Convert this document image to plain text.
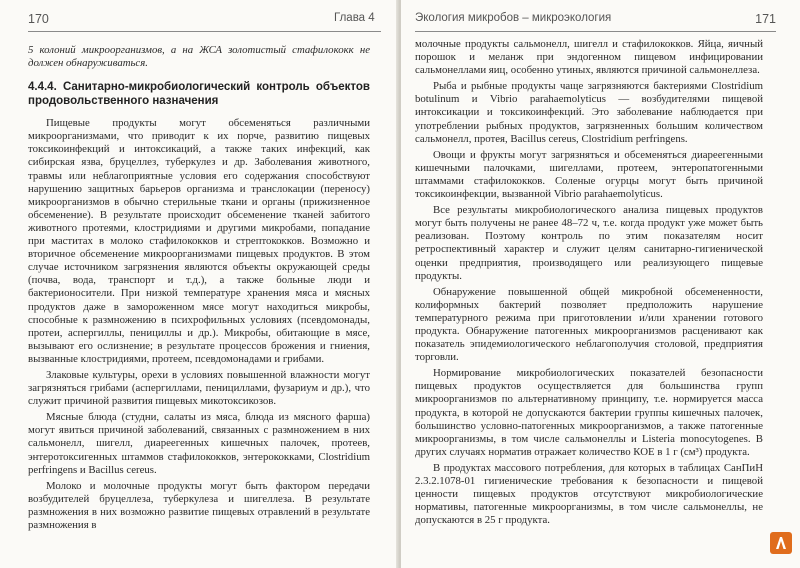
170	Глава 4

5 колоний микроорганизмов, а на ЖСА золотистый стафилококк не должен обнаруживаться.

4.4.4. Санитарно-микробиологический контроль объектов продовольственного назначения

Пищевые продукты могут обсеменяться различными микроорганизмами, что приводит к их порче, развитию пищевых токсикоинфекций и интоксикаций, а также таких инфекций, как сибирская язва, бруцеллез, туберкулез и др. Заболевания животного, травмы или неблагоприятные условия его содержания способствуют нарушению защитных барьеров организма и транслокации (переносу) микроорганизмов в обычно стерильные ткани и органы (прижизненное обсеменение). В результате происходит обсеменение тканей забитого животного протеями, клостридиями и другими микробами, попадание при маститах в молоко стафилококков и стрептококков. Возможно и вторичное обсеменение микроорганизмами пищевых продуктов. В этом случае источником загрязнения являются объекты окружающей среды (почва, вода, транспорт и т.д.), а также больные люди и бактерионосители. При низкой температуре хранения мяса и мясных продуктов даже в замороженном мясе могут находиться микробы, способные к размножению в психрофильных условиях (псевдомонады, протеи, аспергиллы, пенициллы и др.). Микробы, обитающие в мясе, вызывают его ослизнение; в результате процессов брожения и гниения, вызванные клостридиями, протеем, псевдомонадами и грибами.

Злаковые культуры, орехи в условиях повышенной влажности могут загрязняться грибами (аспергиллами, пенициллами, фузариум и др.), что служит причиной развития пищевых микотоксикозов.

Мясные блюда (студни, салаты из мяса, блюда из мясного фарша) могут явиться причиной заболеваний, связанных с размножением в них сальмонелл, шигелл, диареегенных кишечных палочек, протеев, энтеротоксигенных штаммов стафилококков, энтерококками, Clostridium perfringens и Bacillus cereus.

Молоко и молочные продукты могут быть фактором передачи возбудителей бруцеллеза, туберкулеза и шигеллеза. В результате размножения в них возможно развитие пищевых отравлений в результате размножения в

Экология микробов – микроэкология	171

молочные продукты сальмонелл, шигелл и стафилококков. Яйца, яичный порошок и меланж при эндогенном пищевом инфицировании сальмонеллами яиц, особенно утиных, являются причиной сальмонеллеза.

Рыба и рыбные продукты чаще загрязняются бактериями Clostridium botulinum и Vibrio parahaemolyticus — возбудителями пищевой интоксикации и токсикоинфекций. Это заболевание наблюдается при употреблении рыбных продуктов, загрязненных большим количеством сальмонелл, протея, Bacillus cereus, Clostridium perfringens.

Овощи и фрукты могут загрязняться и обсеменяться диареегенными кишечными палочками, шигеллами, протеем, энтеропатогенными штаммами стафилококков. Соленые огурцы могут быть причиной токсикоинфекции, вызванной Vibrio parahaemolyticus.

Все результаты микробиологического анализа пищевых продуктов могут быть получены не ранее 48–72 ч, т.е. когда продукт уже может быть реализован. Поэтому контроль по этим показателям носит ретроспективный характер и служит целям санитарно-гигиенической оценки предприятия, производящего или реализующего пищевые продукты.

Обнаружение повышенной общей микробной обсемененности, колиформных бактерий позволяет предположить нарушение температурного режима при приготовлении и/или хранении готового продукта. Обнаружение патогенных микроорганизмов расценивают как показатель эпидемиологического неблагополучия столовой, предприятия торговли.

Нормирование микробиологических показателей безопасности пищевых продуктов осуществляется для большинства групп микроорганизмов по альтернативному принципу, т.е. нормируется масса продукта, в которой не допускаются бактерии группы кишечных палочек, большинство условно-патогенных микроорганизмов, а также патогенные микроорганизмы, в том числе сальмонеллы и Listeria monocytogenes. В других случаях норматив отражает количество КОЕ в 1 г (см³) продукта.

В продуктах массового потребления, для которых в таблицах СанПиН 2.3.2.1078-01 гигиенические требования к безопасности и пищевой ценности пищевых продуктов отсутствуют микробиологические нормативы, патогенные микроорганизмы, в том числе сальмонеллы, не допускаются в 25 г продукта.
